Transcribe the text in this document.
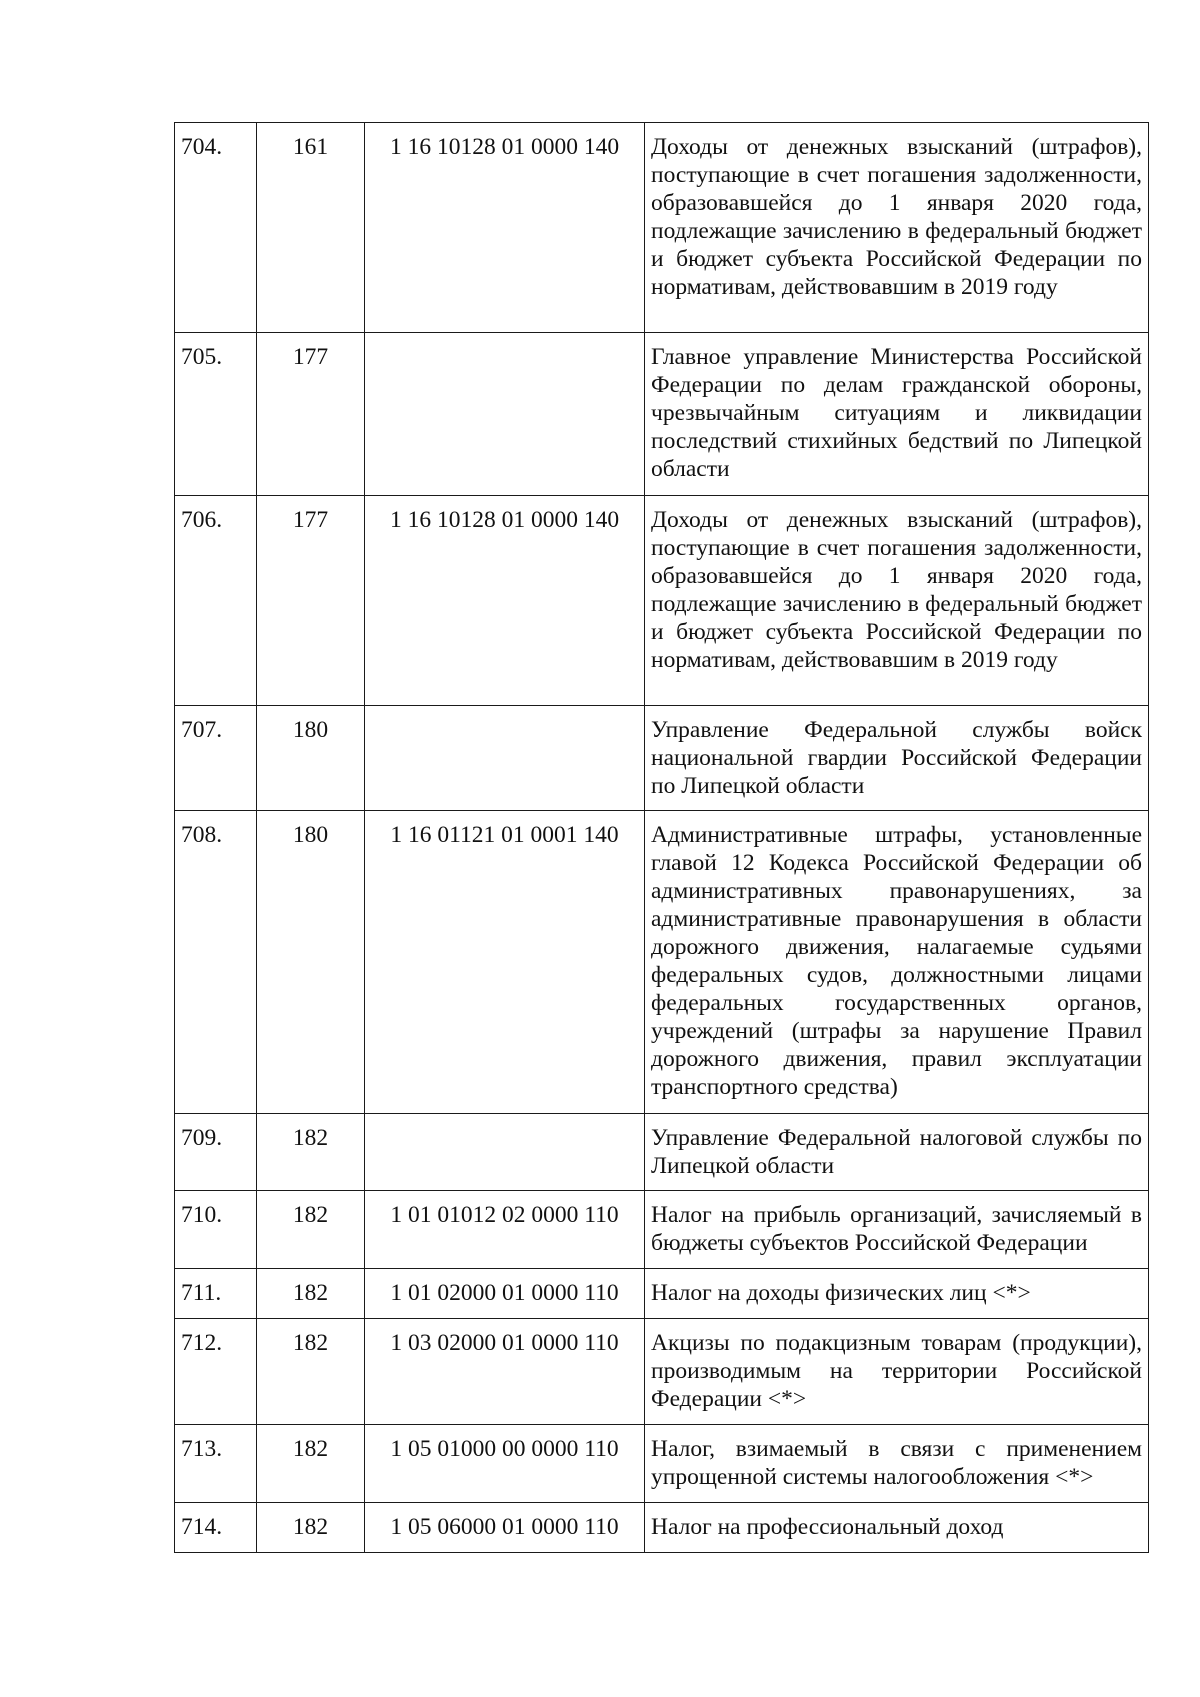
704.	161	1 16 10128 01 0000 140	Доходы от денежных взысканий (штрафов), поступающие в счет погашения задолженности, образовавшейся до 1 января 2020 года, подлежащие зачислению в федеральный бюджет и бюджет субъекта Российской Федерации по нормативам, действовавшим в 2019 году
705.	177		Главное управление Министерства Российской Федерации по делам гражданской обороны, чрезвычайным ситуациям и ликвидации последствий стихийных бедствий по Липецкой области
706.	177	1 16 10128 01 0000 140	Доходы от денежных взысканий (штрафов), поступающие в счет погашения задолженности, образовавшейся до 1 января 2020 года, подлежащие зачислению в федеральный бюджет и бюджет субъекта Российской Федерации по нормативам, действовавшим в 2019 году
707.	180		Управление Федеральной службы войск национальной гвардии Российской Федерации по Липецкой области
708.	180	1 16 01121 01 0001 140	Административные штрафы, установленные главой 12 Кодекса Российской Федерации об административных правонарушениях, за административные правонарушения в области дорожного движения, налагаемые судьями федеральных судов, должностными лицами федеральных государственных органов, учреждений (штрафы за нарушение Правил дорожного движения, правил эксплуатации транспортного средства)
709.	182		Управление Федеральной налоговой службы по Липецкой области
710.	182	1 01 01012 02 0000 110	Налог на прибыль организаций, зачисляемый в бюджеты субъектов Российской Федерации
711.	182	1 01 02000 01 0000 110	Налог на доходы физических лиц <*>
712.	182	1 03 02000 01 0000 110	Акцизы по подакцизным товарам (продукции), производимым на территории Российской Федерации <*>
713.	182	1 05 01000 00 0000 110	Налог, взимаемый в связи с применением упрощенной системы налогообложения <*>
714.	182	1 05 06000 01 0000 110	Налог на профессиональный доход
